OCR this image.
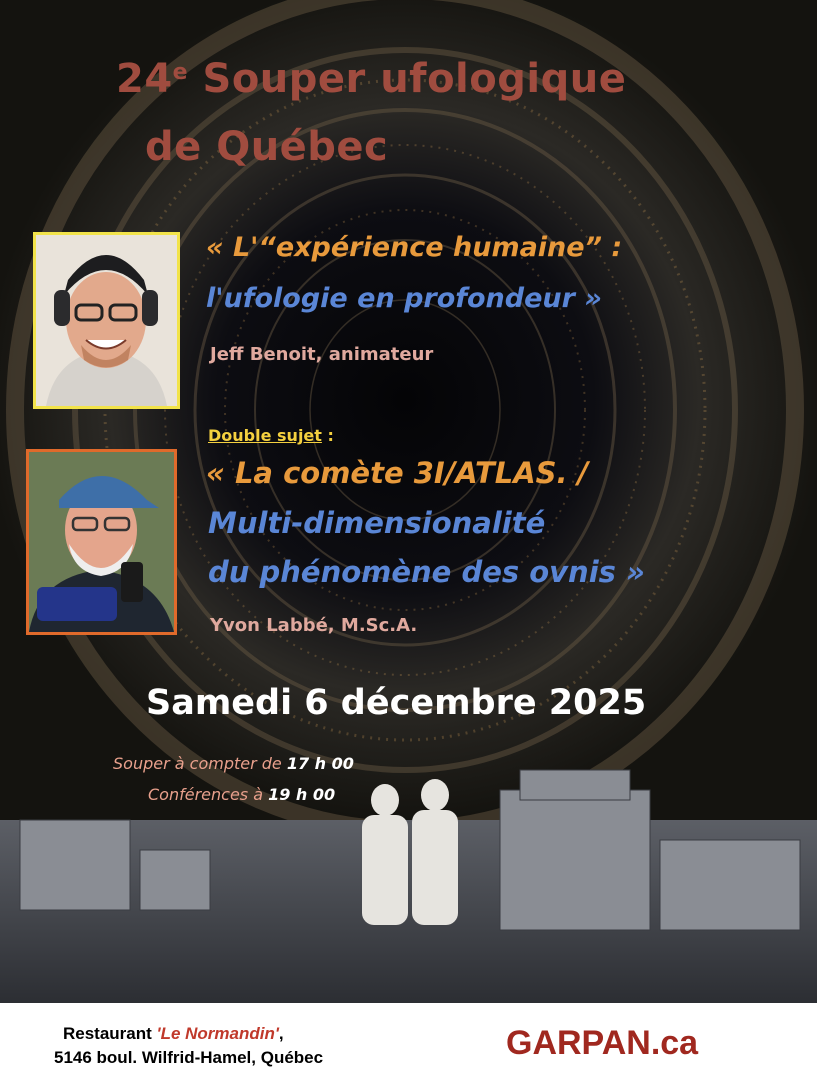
24e Souper ufologique
de Québec
« L'“expérience humaine” :
l'ufologie en profondeur »
Jeff Benoit, animateur
Double sujet :
« La comète 3I/ATLAS. /
Multi-dimensionalité
du phénomène des ovnis »
Yvon Labbé, M.Sc.A.
Samedi 6 décembre 2025
Souper à compter de 17 h 00
Conférences à 19 h 00
Restaurant 'Le Normandin',
5146 boul. Wilfrid-Hamel, Québec	GARPAN.ca
